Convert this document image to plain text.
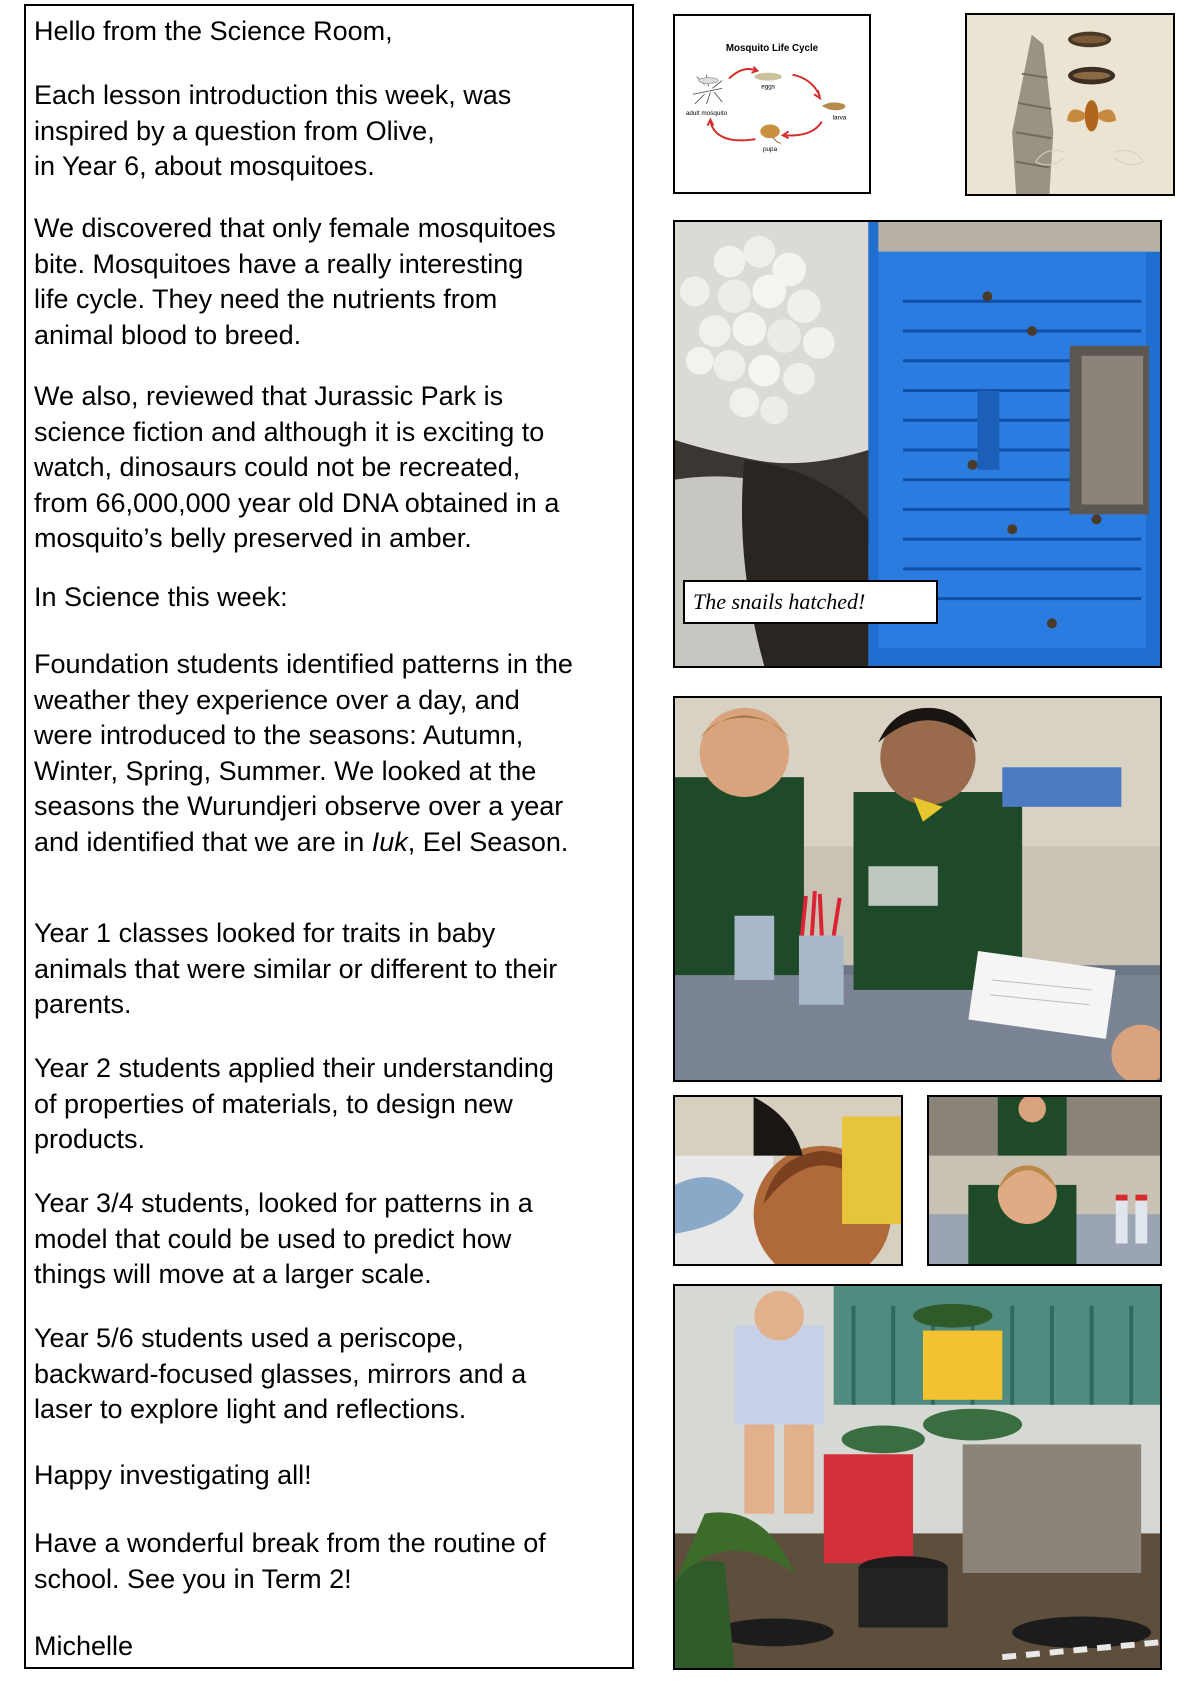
Hello from the Science Room,

Each lesson introduction this week, was
inspired by a question from Olive,
in Year 6, about mosquitoes.

We discovered that only female mosquitoes
bite. Mosquitoes have a really interesting
life cycle. They need the nutrients from
animal blood to breed.

We also, reviewed that Jurassic Park is
science fiction and although it is exciting to
watch, dinosaurs could not be recreated,
from 66,000,000 year old DNA obtained in a
mosquito’s belly preserved in amber.

In Science this week:

Foundation students identified patterns in the
weather they experience over a day, and
were introduced to the seasons: Autumn,
Winter, Spring, Summer. We looked at the
seasons the Wurundjeri observe over a year
and identified that we are in Iuk, Eel Season.

Year 1 classes looked for traits in baby
animals that were similar or different to their
parents.

Year 2 students applied their understanding
of properties of materials, to design new
products.

Year 3/4 students, looked for patterns in a
model that could be used to predict how
things will move at a larger scale.

Year 5/6 students used a periscope,
backward-focused glasses, mirrors and a
laser to explore light and reflections.

Happy investigating all!

Have a wonderful break from the routine of
school. See you in Term 2!

Michelle

Mosquito Life Cycle
eggs
larva
pupa
adult mosquito
The snails hatched!
